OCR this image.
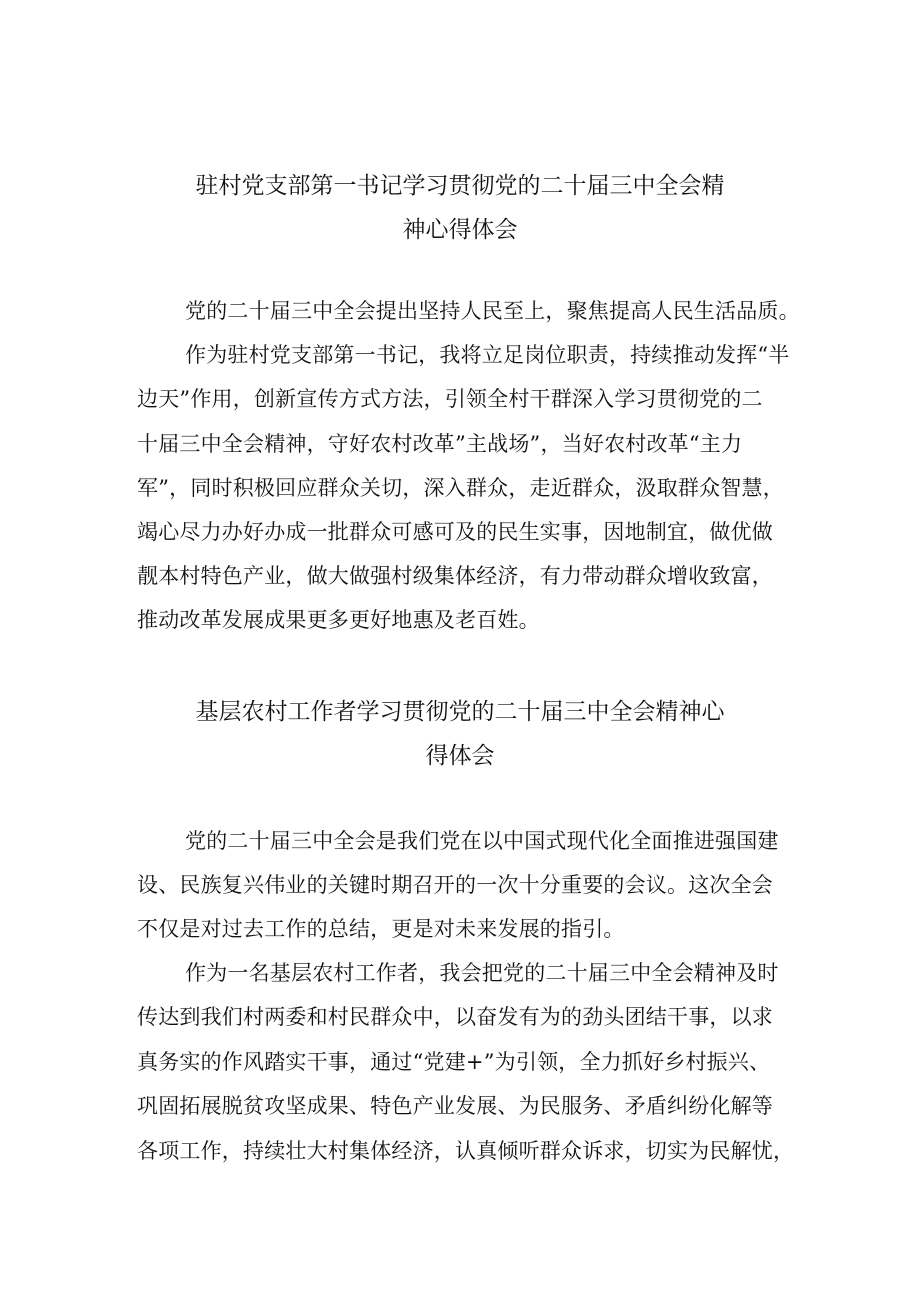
驻村党支部第一书记学习贯彻党的二十届三中全会精
神心得体会
党的二十届三中全会提出坚持人民至上，聚焦提高人民生活品质。
作为驻村党支部第一书记，我将立足岗位职责，持续推动发挥“半
边天”作用，创新宣传方式方法，引领全村干群深入学习贯彻党的二
十届三中全会精神，守好农村改革”主战场”，当好农村改革“主力
军”，同时积极回应群众关切，深入群众，走近群众，汲取群众智慧，
竭心尽力办好办成一批群众可感可及的民生实事，因地制宜，做优做
靓本村特色产业，做大做强村级集体经济，有力带动群众增收致富，
推动改革发展成果更多更好地惠及老百姓。
基层农村工作者学习贯彻党的二十届三中全会精神心
得体会
党的二十届三中全会是我们党在以中国式现代化全面推进强国建
设、民族复兴伟业的关键时期召开的一次十分重要的会议。这次全会
不仅是对过去工作的总结，更是对未来发展的指引。
作为一名基层农村工作者，我会把党的二十届三中全会精神及时
传达到我们村两委和村民群众中，以奋发有为的劲头团结干事，以求
真务实的作风踏实干事，通过“党建+”为引领，全力抓好乡村振兴、
巩固拓展脱贫攻坚成果、特色产业发展、为民服务、矛盾纠纷化解等
各项工作，持续壮大村集体经济，认真倾听群众诉求，切实为民解忧，
